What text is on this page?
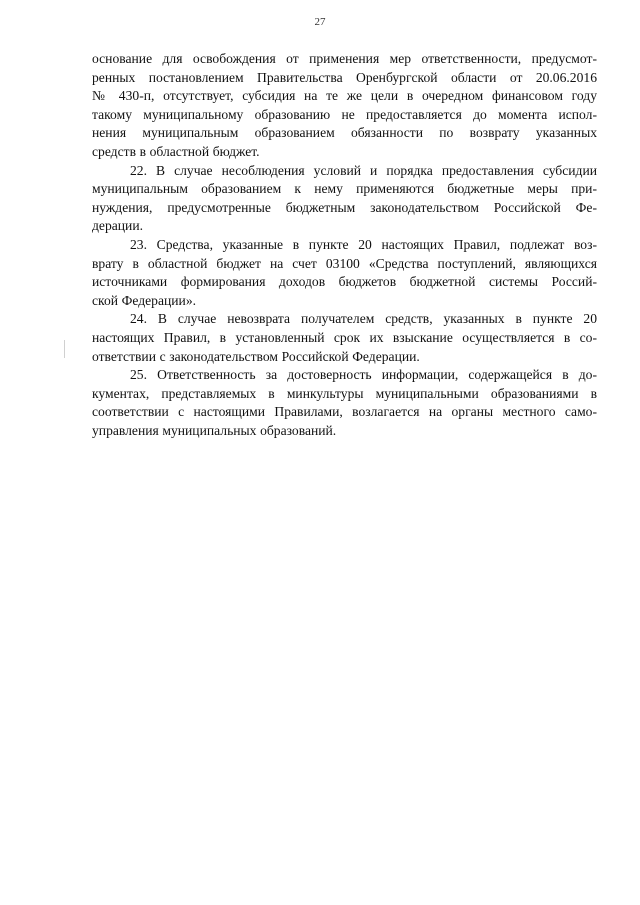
27

основание для освобождения от применения мер ответственности, предусмот-
ренных постановлением Правительства Оренбургской области от 20.06.2016
№ 430-п, отсутствует, субсидия на те же цели в очередном финансовом году
такому муниципальному образованию не предоставляется до момента испол-
нения муниципальным образованием обязанности по возврату указанных
средств в областной бюджет.

22. В случае несоблюдения условий и порядка предоставления субсидии
муниципальным образованием к нему применяются бюджетные меры при-
нуждения, предусмотренные бюджетным законодательством Российской Фе-
дерации.

23. Средства, указанные в пункте 20 настоящих Правил, подлежат воз-
врату в областной бюджет на счет 03100 «Средства поступлений, являющихся
источниками формирования доходов бюджетов бюджетной системы Россий-
ской Федерации».

24. В случае невозврата получателем средств, указанных в пункте 20
настоящих Правил, в установленный срок их взыскание осуществляется в со-
ответствии с законодательством Российской Федерации.

25. Ответственность за достоверность информации, содержащейся в до-
кументах, представляемых в минкультуры муниципальными образованиями в
соответствии с настоящими Правилами, возлагается на органы местного само-
управления муниципальных образований.
